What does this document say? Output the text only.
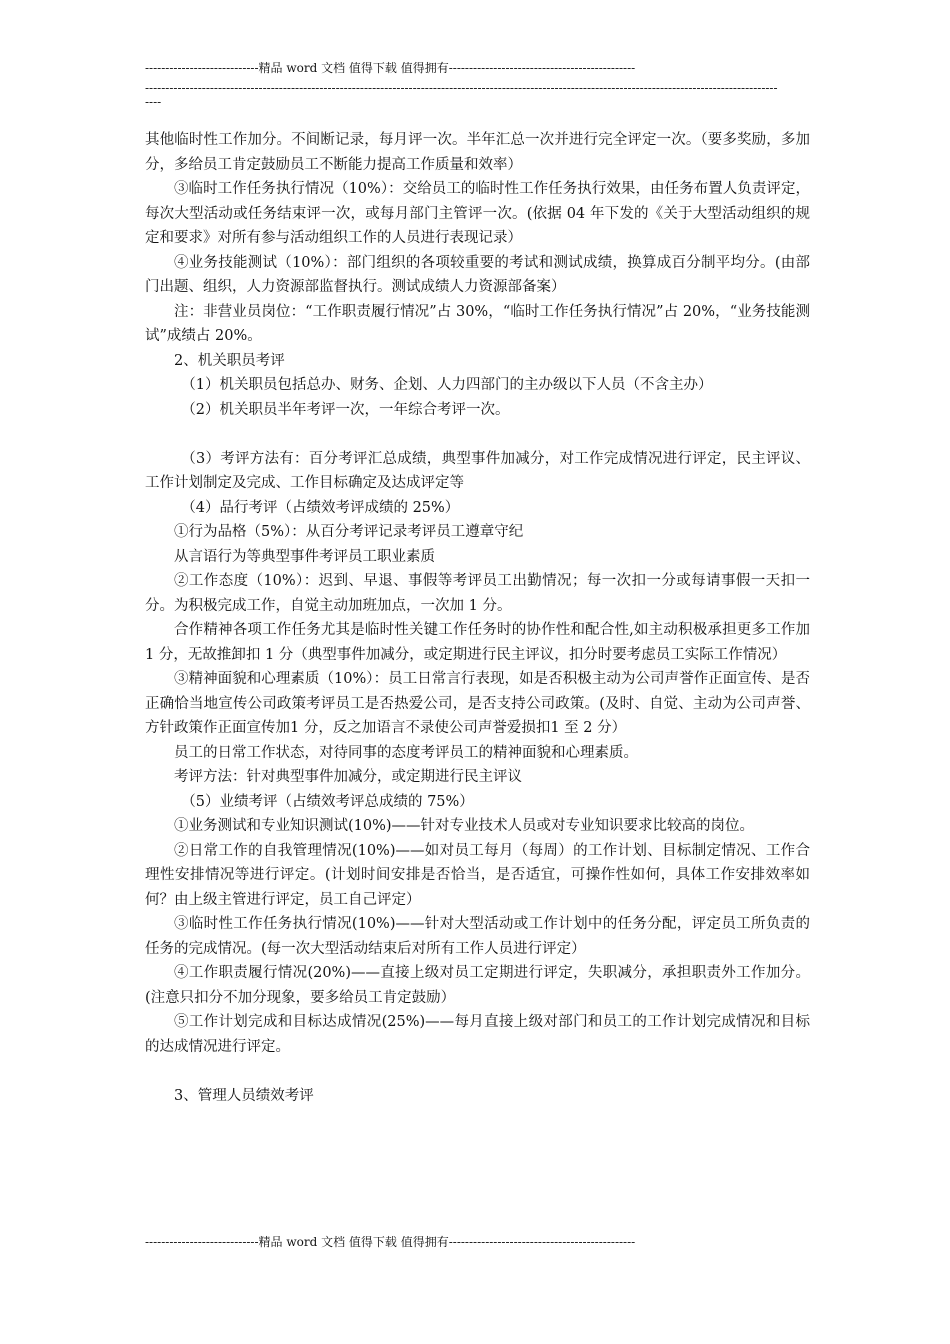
----------------------------精品 word 文档 值得下载 值得拥有----------------------------------------------
------------------------------------------------------------------------------------------------------------------------------------------------------------
----

其他临时性工作加分。不间断记录，每月评一次。半年汇总一次并进行完全评定一次。（要多奖励，多加分，多给员工肯定鼓励员工不断能力提高工作质量和效率）

③临时工作任务执行情况（10%）：交给员工的临时性工作任务执行效果，由任务布置人负责评定，每次大型活动或任务结束评一次，或每月部门主管评一次。(依据 04 年下发的《关于大型活动组织的规定和要求》对所有参与活动组织工作的人员进行表现记录）

④业务技能测试（10%）：部门组织的各项较重要的考试和测试成绩，换算成百分制平均分。(由部门出题、组织，人力资源部监督执行。测试成绩人力资源部备案）

注：非营业员岗位：“工作职责履行情况”占 30%，“临时工作任务执行情况”占 20%，“业务技能测试”成绩占 20%。

2、机关职员考评

（1）机关职员包括总办、财务、企划、人力四部门的主办级以下人员（不含主办）

（2）机关职员半年考评一次，一年综合考评一次。

（3）考评方法有：百分考评汇总成绩，典型事件加减分，对工作完成情况进行评定，民主评议、工作计划制定及完成、工作目标确定及达成评定等

（4）品行考评（占绩效考评成绩的 25%）

①行为品格（5%）：从百分考评记录考评员工遵章守纪

从言语行为等典型事件考评员工职业素质

②工作态度（10%）：迟到、早退、事假等考评员工出勤情况；每一次扣一分或每请事假一天扣一分。为积极完成工作，自觉主动加班加点，一次加 1 分。

合作精神各项工作任务尤其是临时性关键工作任务时的协作性和配合性,如主动积极承担更多工作加 1 分，无故推卸扣 1 分（典型事件加减分，或定期进行民主评议，扣分时要考虑员工实际工作情况）

③精神面貌和心理素质（10%）：员工日常言行表现，如是否积极主动为公司声誉作正面宣传、是否正确恰当地宣传公司政策考评员工是否热爱公司，是否支持公司政策。(及时、自觉、主动为公司声誉、方针政策作正面宣传加1 分，反之加语言不录使公司声誉爱损扣1 至 2 分）

员工的日常工作状态，对待同事的态度考评员工的精神面貌和心理素质。

考评方法：针对典型事件加减分，或定期进行民主评议

（5）业绩考评（占绩效考评总成绩的 75%）

①业务测试和专业知识测试(10%)——针对专业技术人员或对专业知识要求比较高的岗位。

②日常工作的自我管理情况(10%)——如对员工每月（每周）的工作计划、目标制定情况、工作合理性安排情况等进行评定。(计划时间安排是否恰当，是否适宜，可操作性如何，具体工作安排效率如何？由上级主管进行评定，员工自己评定）

③临时性工作任务执行情况(10%)——针对大型活动或工作计划中的任务分配，评定员工所负责的任务的完成情况。(每一次大型活动结束后对所有工作人员进行评定）

④工作职责履行情况(20%)——直接上级对员工定期进行评定，失职减分，承担职责外工作加分。(注意只扣分不加分现象，要多给员工肯定鼓励）

⑤工作计划完成和目标达成情况(25%)——每月直接上级对部门和员工的工作计划完成情况和目标的达成情况进行评定。

3、管理人员绩效考评

----------------------------精品 word 文档 值得下载 值得拥有----------------------------------------------
